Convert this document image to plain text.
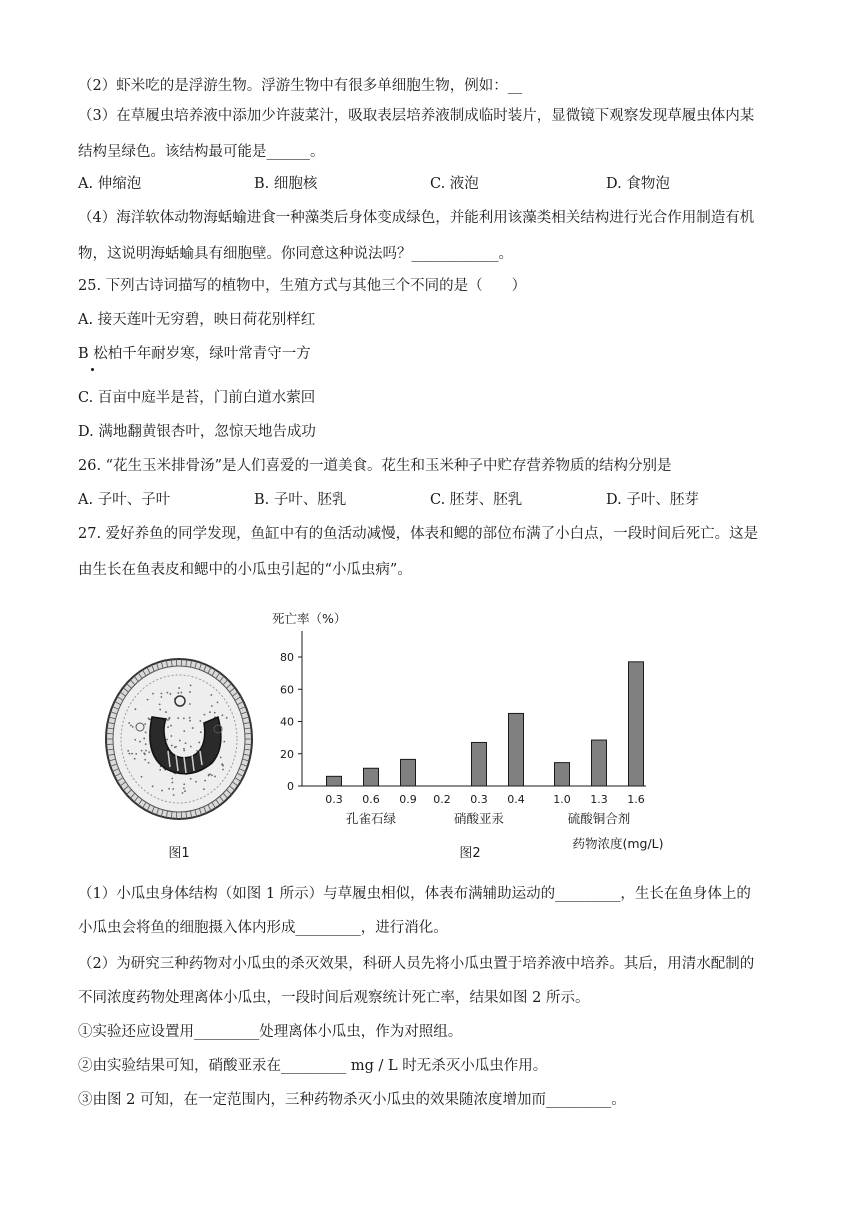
（2）虾米吃的是浮游生物。浮游生物中有很多单细胞生物，例如：__
（3）在草履虫培养液中添加少许菠菜汁，吸取表层培养液制成临时装片，显微镜下观察发现草履虫体内某
结构呈绿色。该结构最可能是______。
A. 伸缩泡	B. 细胞核	C. 液泡	D. 食物泡
（4）海洋软体动物海蛞蝓进食一种藻类后身体变成绿色，并能利用该藻类相关结构进行光合作用制造有机
物，这说明海蛞蝓具有细胞壁。你同意这种说法吗？____________。
25. 下列古诗词描写的植物中，生殖方式与其他三个不同的是（　　）
A. 接天莲叶无穷碧，映日荷花别样红
B 松柏千年耐岁寒，绿叶常青守一方
C. 百亩中庭半是苔，门前白道水萦回
D. 满地翻黄银杏叶，忽惊天地告成功
26. “花生玉米排骨汤”是人们喜爱的一道美食。花生和玉米种子中贮存营养物质的结构分别是
A. 子叶、子叶	B. 子叶、胚乳	C. 胚芽、胚乳	D. 子叶、胚芽
27. 爱好养鱼的同学发现，鱼缸中有的鱼活动减慢，体表和鳃的部位布满了小白点，一段时间后死亡。这是
由生长在鱼表皮和鳃中的小瓜虫引起的“小瓜虫病”。
图1
死亡率（%）
0
20
40
60
80
0.3 0.6 0.9 0.2 0.3 0.4	1.0 1.3 1.6
孔雀石绿	硝酸亚汞	硫酸铜合剂
药物浓度(mg/L)
图2
（1）小瓜虫身体结构（如图 1 所示）与草履虫相似，体表布满辅助运动的_________，生长在鱼身体上的
小瓜虫会将鱼的细胞摄入体内形成_________，进行消化。
（2）为研究三种药物对小瓜虫的杀灭效果，科研人员先将小瓜虫置于培养液中培养。其后，用清水配制的
不同浓度药物处理离体小瓜虫，一段时间后观察统计死亡率，结果如图 2 所示。
①实验还应设置用_________处理离体小瓜虫，作为对照组。
②由实验结果可知，硝酸亚汞在_________ mg / L 时无杀灭小瓜虫作用。
③由图 2 可知，在一定范围内，三种药物杀灭小瓜虫的效果随浓度增加而_________。
